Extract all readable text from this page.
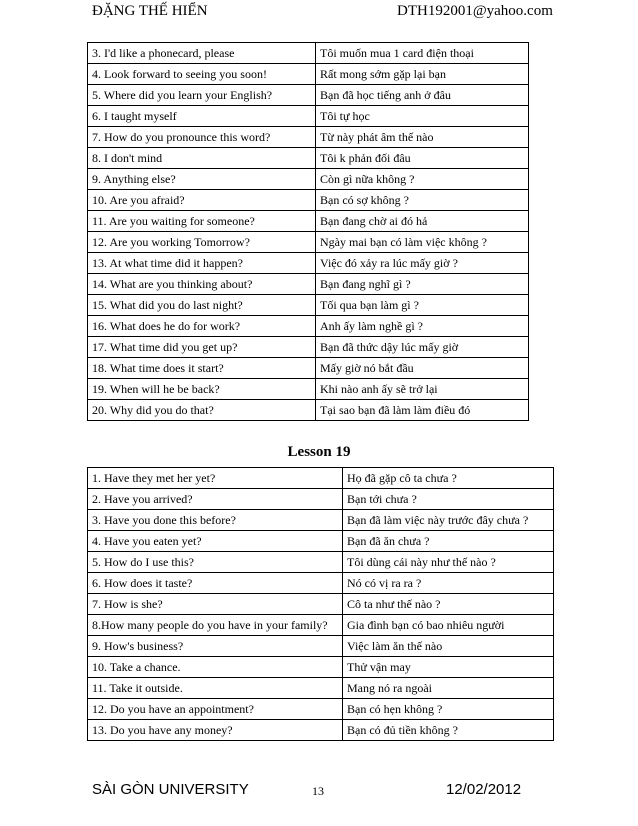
ĐẶNG THẾ HIỂN	DTH192001@yahoo.com
3. I'd like a phonecard, please	Tôi muốn mua 1 card điện thoại
4. Look forward to seeing you soon!	Rất mong sớm gặp lại bạn
5. Where did you learn your English?	Bạn đã học tiếng anh ở đâu
6. I taught myself	Tôi tự học
7. How do you pronounce this word?	Từ này phát âm thế nào
8. I don't mind	Tôi k phản đối đâu
9. Anything else?	Còn gì nữa không ?
10. Are you afraid?	Bạn có sợ không ?
11. Are you waiting for someone?	Bạn đang chờ ai đó hả
12. Are you working Tomorrow?	Ngày mai bạn có làm việc không ?
13. At what time did it happen?	Việc đó xảy ra lúc mấy giờ ?
14. What are you thinking about?	Bạn đang nghĩ gì ?
15. What did you do last night?	Tối qua bạn làm gì ?
16. What does he do for work?	Anh ấy làm nghề gì ?
17. What time did you get up?	Bạn đã thức dậy lúc mấy giờ
18. What time does it start?	Mấy giờ nó bắt đầu
19. When will he be back?	Khi nào anh ấy sẽ trở lại
20. Why did you do that?	Tại sao bạn đã làm làm điều đó
Lesson 19
1. Have they met her yet?	Họ đã gặp cô ta chưa ?
2. Have you arrived?	Bạn tới chưa ?
3. Have you done this before?	Bạn đã làm việc này trước đây chưa ?
4. Have you eaten yet?	Bạn đã ăn chưa ?
5. How do I use this?	Tôi dùng cái này như thế nào ?
6. How does it taste?	Nó có vị ra ra ?
7. How is she?	Cô ta như thế nào ?
8.How many people do you have in your family?	Gia đình bạn có bao nhiêu người
9. How's business?	Việc làm ăn thế nào
10. Take a chance.	Thử vận may
11. Take it outside.	Mang nó ra ngoài
12. Do you have an appointment?	Bạn có hẹn không ?
13. Do you have any money?	Bạn có đủ tiền không ?
SÀI GÒN UNIVERSITY	13	12/02/2012
